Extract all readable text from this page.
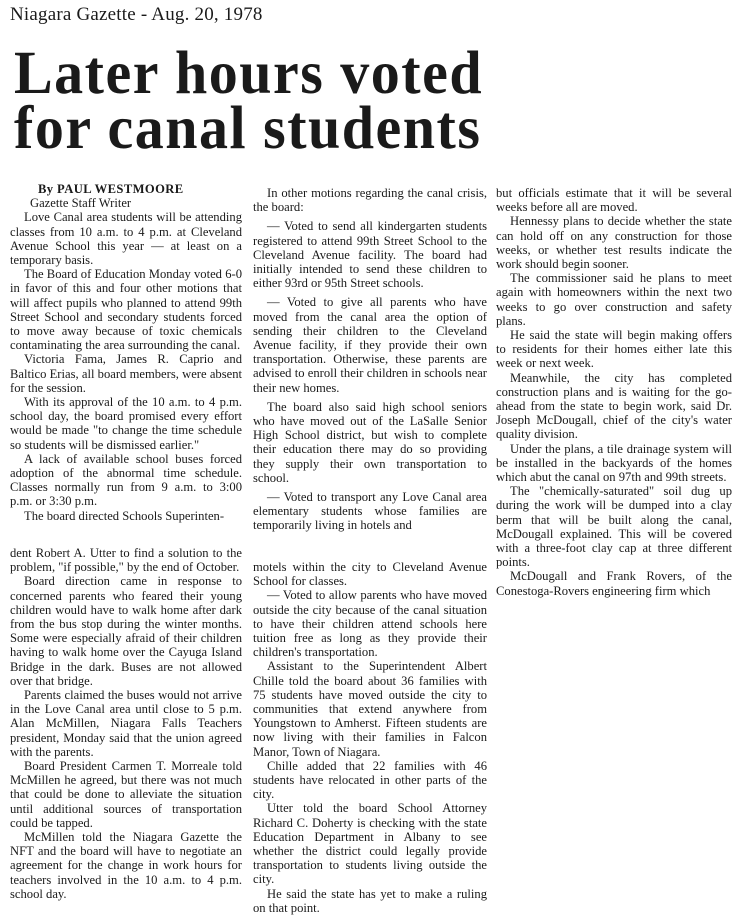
Niagara Gazette - Aug. 20, 1978
Later hours voted
for canal students

By PAUL WESTMOORE
Gazette Staff Writer

Love Canal area students will be attending classes from 10 a.m. to 4 p.m. at Cleveland Avenue School this year — at least on a temporary basis.

The Board of Education Monday voted 6-0 in favor of this and four other motions that will affect pupils who planned to attend 99th Street School and secondary students forced to move away because of toxic chemicals contaminating the area surrounding the canal.

Victoria Fama, James R. Caprio and Baltico Erias, all board members, were absent for the session.

With its approval of the 10 a.m. to 4 p.m. school day, the board promised every effort would be made "to change the time schedule so students will be dismissed earlier."

A lack of available school buses forced adoption of the abnormal time schedule. Classes normally run from 9 a.m. to 3:00 p.m. or 3:30 p.m.

The board directed Schools Superinten-

dent Robert A. Utter to find a solution to the problem, "if possible," by the end of October.

Board direction came in response to concerned parents who feared their young children would have to walk home after dark from the bus stop during the winter months. Some were especially afraid of their children having to walk home over the Cayuga Island Bridge in the dark. Buses are not allowed over that bridge.

Parents claimed the buses would not arrive in the Love Canal area until close to 5 p.m. Alan McMillen, Niagara Falls Teachers president, Monday said that the union agreed with the parents.

Board President Carmen T. Morreale told McMillen he agreed, but there was not much that could be done to alleviate the situation until additional sources of transportation could be tapped.

McMillen told the Niagara Gazette the NFT and the board will have to negotiate an agreement for the change in work hours for teachers involved in the 10 a.m. to 4 p.m. school day.

In other motions regarding the canal crisis, the board:

— Voted to send all kindergarten students registered to attend 99th Street School to the Cleveland Avenue facility. The board had initially intended to send these children to either 93rd or 95th Street schools.

— Voted to give all parents who have moved from the canal area the option of sending their children to the Cleveland Avenue facility, if they provide their own transportation. Otherwise, these parents are advised to enroll their children in schools near their new homes.

The board also said high school seniors who have moved out of the LaSalle Senior High School district, but wish to complete their education there may do so providing they supply their own transportation to school.

— Voted to transport any Love Canal area elementary students whose families are temporarily living in hotels and

motels within the city to Cleveland Avenue School for classes.

— Voted to allow parents who have moved outside the city because of the canal situation to have their children attend schools here tuition free as long as they provide their children's transportation.

Assistant to the Superintendent Albert Chille told the board about 36 families with 75 students have moved outside the city to communities that extend anywhere from Youngstown to Amherst. Fifteen students are now living with their families in Falcon Manor, Town of Niagara.

Chille added that 22 families with 46 students have relocated in other parts of the city.

Utter told the board School Attorney Richard C. Doherty is checking with the state Education Department in Albany to see whether the district could legally provide transportation to students living outside the city.

He said the state has yet to make a ruling on that point.

but officials estimate that it will be several weeks before all are moved.

Hennessy plans to decide whether the state can hold off on any construction for those weeks, or whether test results indicate the work should begin sooner.

The commissioner said he plans to meet again with homeowners within the next two weeks to go over construction and safety plans.

He said the state will begin making offers to residents for their homes either late this week or next week.

Meanwhile, the city has completed construction plans and is waiting for the go-ahead from the state to begin work, said Dr. Joseph McDougall, chief of the city's water quality division.

Under the plans, a tile drainage system will be installed in the backyards of the homes which abut the canal on 97th and 99th streets.

The "chemically-saturated" soil dug up during the work will be dumped into a clay berm that will be built along the canal, McDougall explained. This will be covered with a three-foot clay cap at three different points.

McDougall and Frank Rovers, of the Conestoga-Rovers engineering firm which
